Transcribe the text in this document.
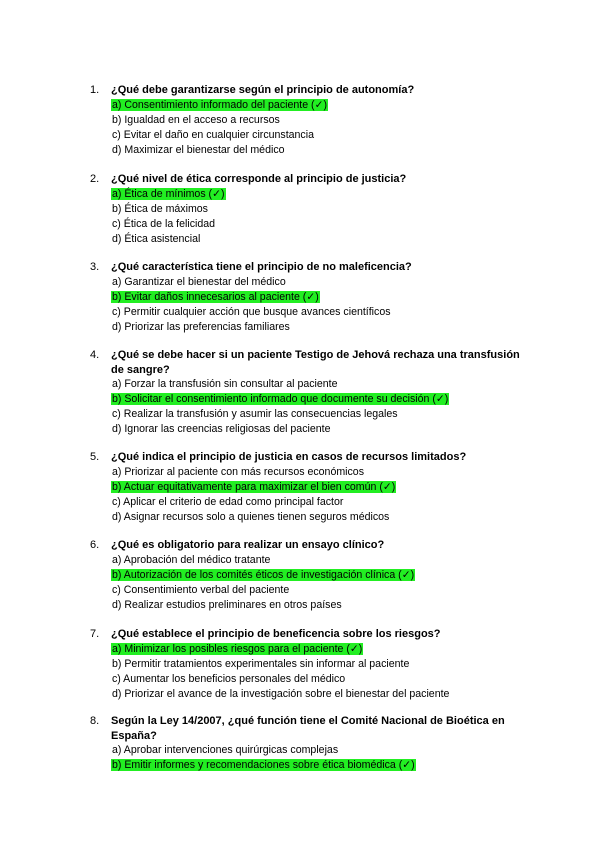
1. ¿Qué debe garantizarse según el principio de autonomía?
a) Consentimiento informado del paciente (✓)
b) Igualdad en el acceso a recursos
c) Evitar el daño en cualquier circunstancia
d) Maximizar el bienestar del médico
2. ¿Qué nivel de ética corresponde al principio de justicia?
a) Ética de mínimos (✓)
b) Ética de máximos
c) Ética de la felicidad
d) Ética asistencial
3. ¿Qué característica tiene el principio de no maleficencia?
a) Garantizar el bienestar del médico
b) Evitar daños innecesarios al paciente (✓)
c) Permitir cualquier acción que busque avances científicos
d) Priorizar las preferencias familiares
4. ¿Qué se debe hacer si un paciente Testigo de Jehová rechaza una transfusión de sangre?
a) Forzar la transfusión sin consultar al paciente
b) Solicitar el consentimiento informado que documente su decisión (✓)
c) Realizar la transfusión y asumir las consecuencias legales
d) Ignorar las creencias religiosas del paciente
5. ¿Qué indica el principio de justicia en casos de recursos limitados?
a) Priorizar al paciente con más recursos económicos
b) Actuar equitativamente para maximizar el bien común (✓)
c) Aplicar el criterio de edad como principal factor
d) Asignar recursos solo a quienes tienen seguros médicos
6. ¿Qué es obligatorio para realizar un ensayo clínico?
a) Aprobación del médico tratante
b) Autorización de los comités éticos de investigación clínica (✓)
c) Consentimiento verbal del paciente
d) Realizar estudios preliminares en otros países
7. ¿Qué establece el principio de beneficencia sobre los riesgos?
a) Minimizar los posibles riesgos para el paciente (✓)
b) Permitir tratamientos experimentales sin informar al paciente
c) Aumentar los beneficios personales del médico
d) Priorizar el avance de la investigación sobre el bienestar del paciente
8. Según la Ley 14/2007, ¿qué función tiene el Comité Nacional de Bioética en España?
a) Aprobar intervenciones quirúrgicas complejas
b) Emitir informes y recomendaciones sobre ética biomédica (✓)
